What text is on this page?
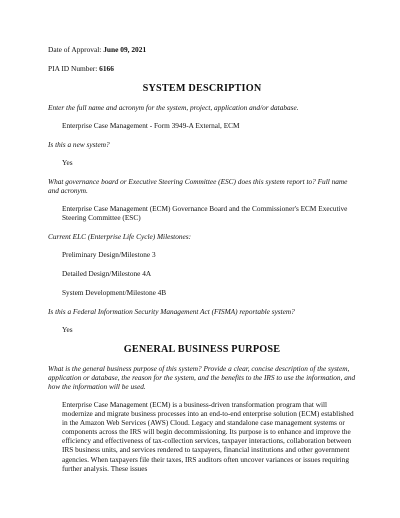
Date of Approval: June 09, 2021

PIA ID Number: 6166

SYSTEM DESCRIPTION

Enter the full name and acronym for the system, project, application and/or database.

Enterprise Case Management - Form 3949-A External, ECM

Is this a new system?

Yes

What governance board or Executive Steering Committee (ESC) does this system report to? Full name and acronym.

Enterprise Case Management (ECM) Governance Board and the Commissioner's ECM Executive Steering Committee (ESC)

Current ELC (Enterprise Life Cycle) Milestones:

Preliminary Design/Milestone 3

Detailed Design/Milestone 4A

System Development/Milestone 4B

Is this a Federal Information Security Management Act (FISMA) reportable system?

Yes

GENERAL BUSINESS PURPOSE

What is the general business purpose of this system? Provide a clear, concise description of the system, application or database, the reason for the system, and the benefits to the IRS to use the information, and how the information will be used.

Enterprise Case Management (ECM) is a business-driven transformation program that will modernize and migrate business processes into an end-to-end enterprise solution (ECM) established in the Amazon Web Services (AWS) Cloud. Legacy and standalone case management systems or components across the IRS will begin decommissioning. Its purpose is to enhance and improve the efficiency and effectiveness of tax-collection services, taxpayer interactions, collaboration between IRS business units, and services rendered to taxpayers, financial institutions and other government agencies. When taxpayers file their taxes, IRS auditors often uncover variances or issues requiring further analysis. These issues
